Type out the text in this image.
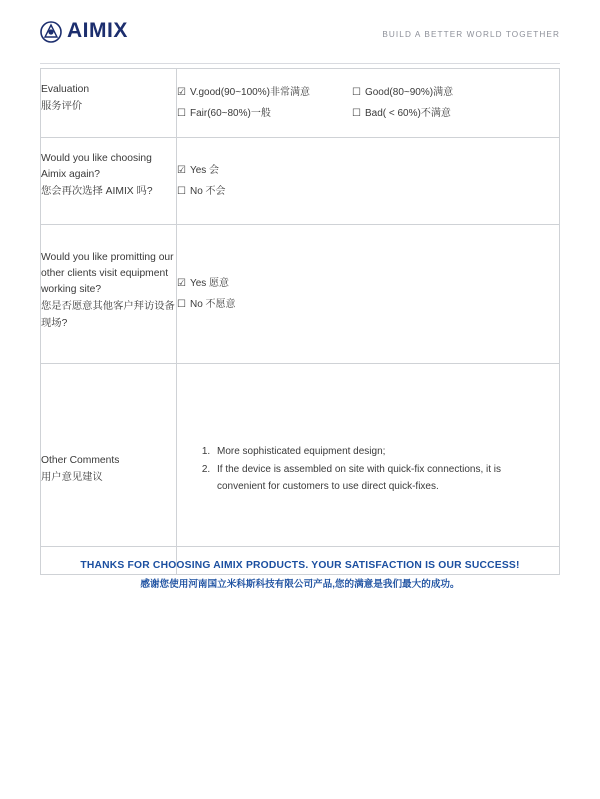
AIMIX	BUILD A BETTER WORLD TOGETHER
Evaluation
服务评价

☑ V.good(90~100%)非常满意	☐ Good(80~90%)满意
☐ Fair(60~80%)一般	☐ Bad( < 60%)不满意

Would you like choosing Aimix again?
您会再次选择 AIMIX 吗?

☑ Yes 会
☐ No 不会

Would you like promitting our other clients visit equipment working site?
您是否愿意其他客户拜访设备现场?

☑ Yes 愿意
☐ No 不愿意

Other Comments
用户意见建议

1. More sophisticated equipment design;
2. If the device is assembled on site with quick-fix connections, it is convenient for customers to use direct quick-fixes.
THANKS FOR CHOOSING AIMIX PRODUCTS. YOUR SATISFACTION IS OUR SUCCESS!
感谢您使用河南国立米科斯科技有限公司产品,您的满意是我们最大的成功。
